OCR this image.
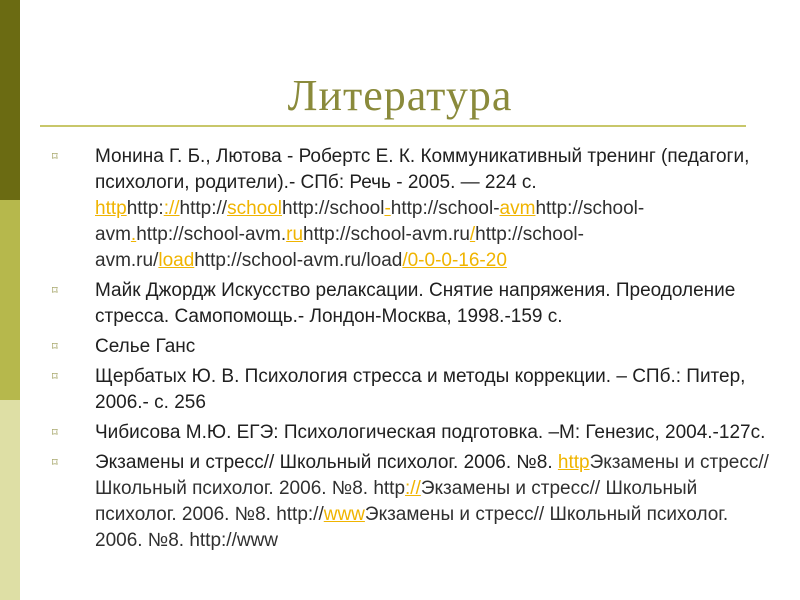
Литература
⌑ Монина Г. Б., Лютова - Робертс Е. К. Коммуникативный тренинг (педагоги, психологи, родители).- СПб: Речь - 2005. — 224 с. httphttp:://http://schoolhttp://school-http://school-avmhttp://school-avm.http://school-avm.ruhttp://school-avm.ru/http://school-avm.ru/loadhttp://school-avm.ru/load/0-0-0-16-20
⌑ Майк Джордж Искусство релаксации. Снятие напряжения. Преодоление стресса. Самопомощь.- Лондон-Москва, 1998.-159 с.
⌑ Селье Ганс
⌑ Щербатых Ю. В. Психология стресса и методы коррекции. – СПб.: Питер, 2006.- с. 256
⌑ Чибисова М.Ю. ЕГЭ: Психологическая подготовка. –М: Генезис, 2004.-127с.
⌑ Экзамены и стресс// Школьный психолог. 2006. №8. httpЭкзамены и стресс// Школьный психолог. 2006. №8. http://Экзамены и стресс// Школьный психолог. 2006. №8. http://wwwЭкзамены и стресс// Школьный психолог. 2006. №8. http://www
